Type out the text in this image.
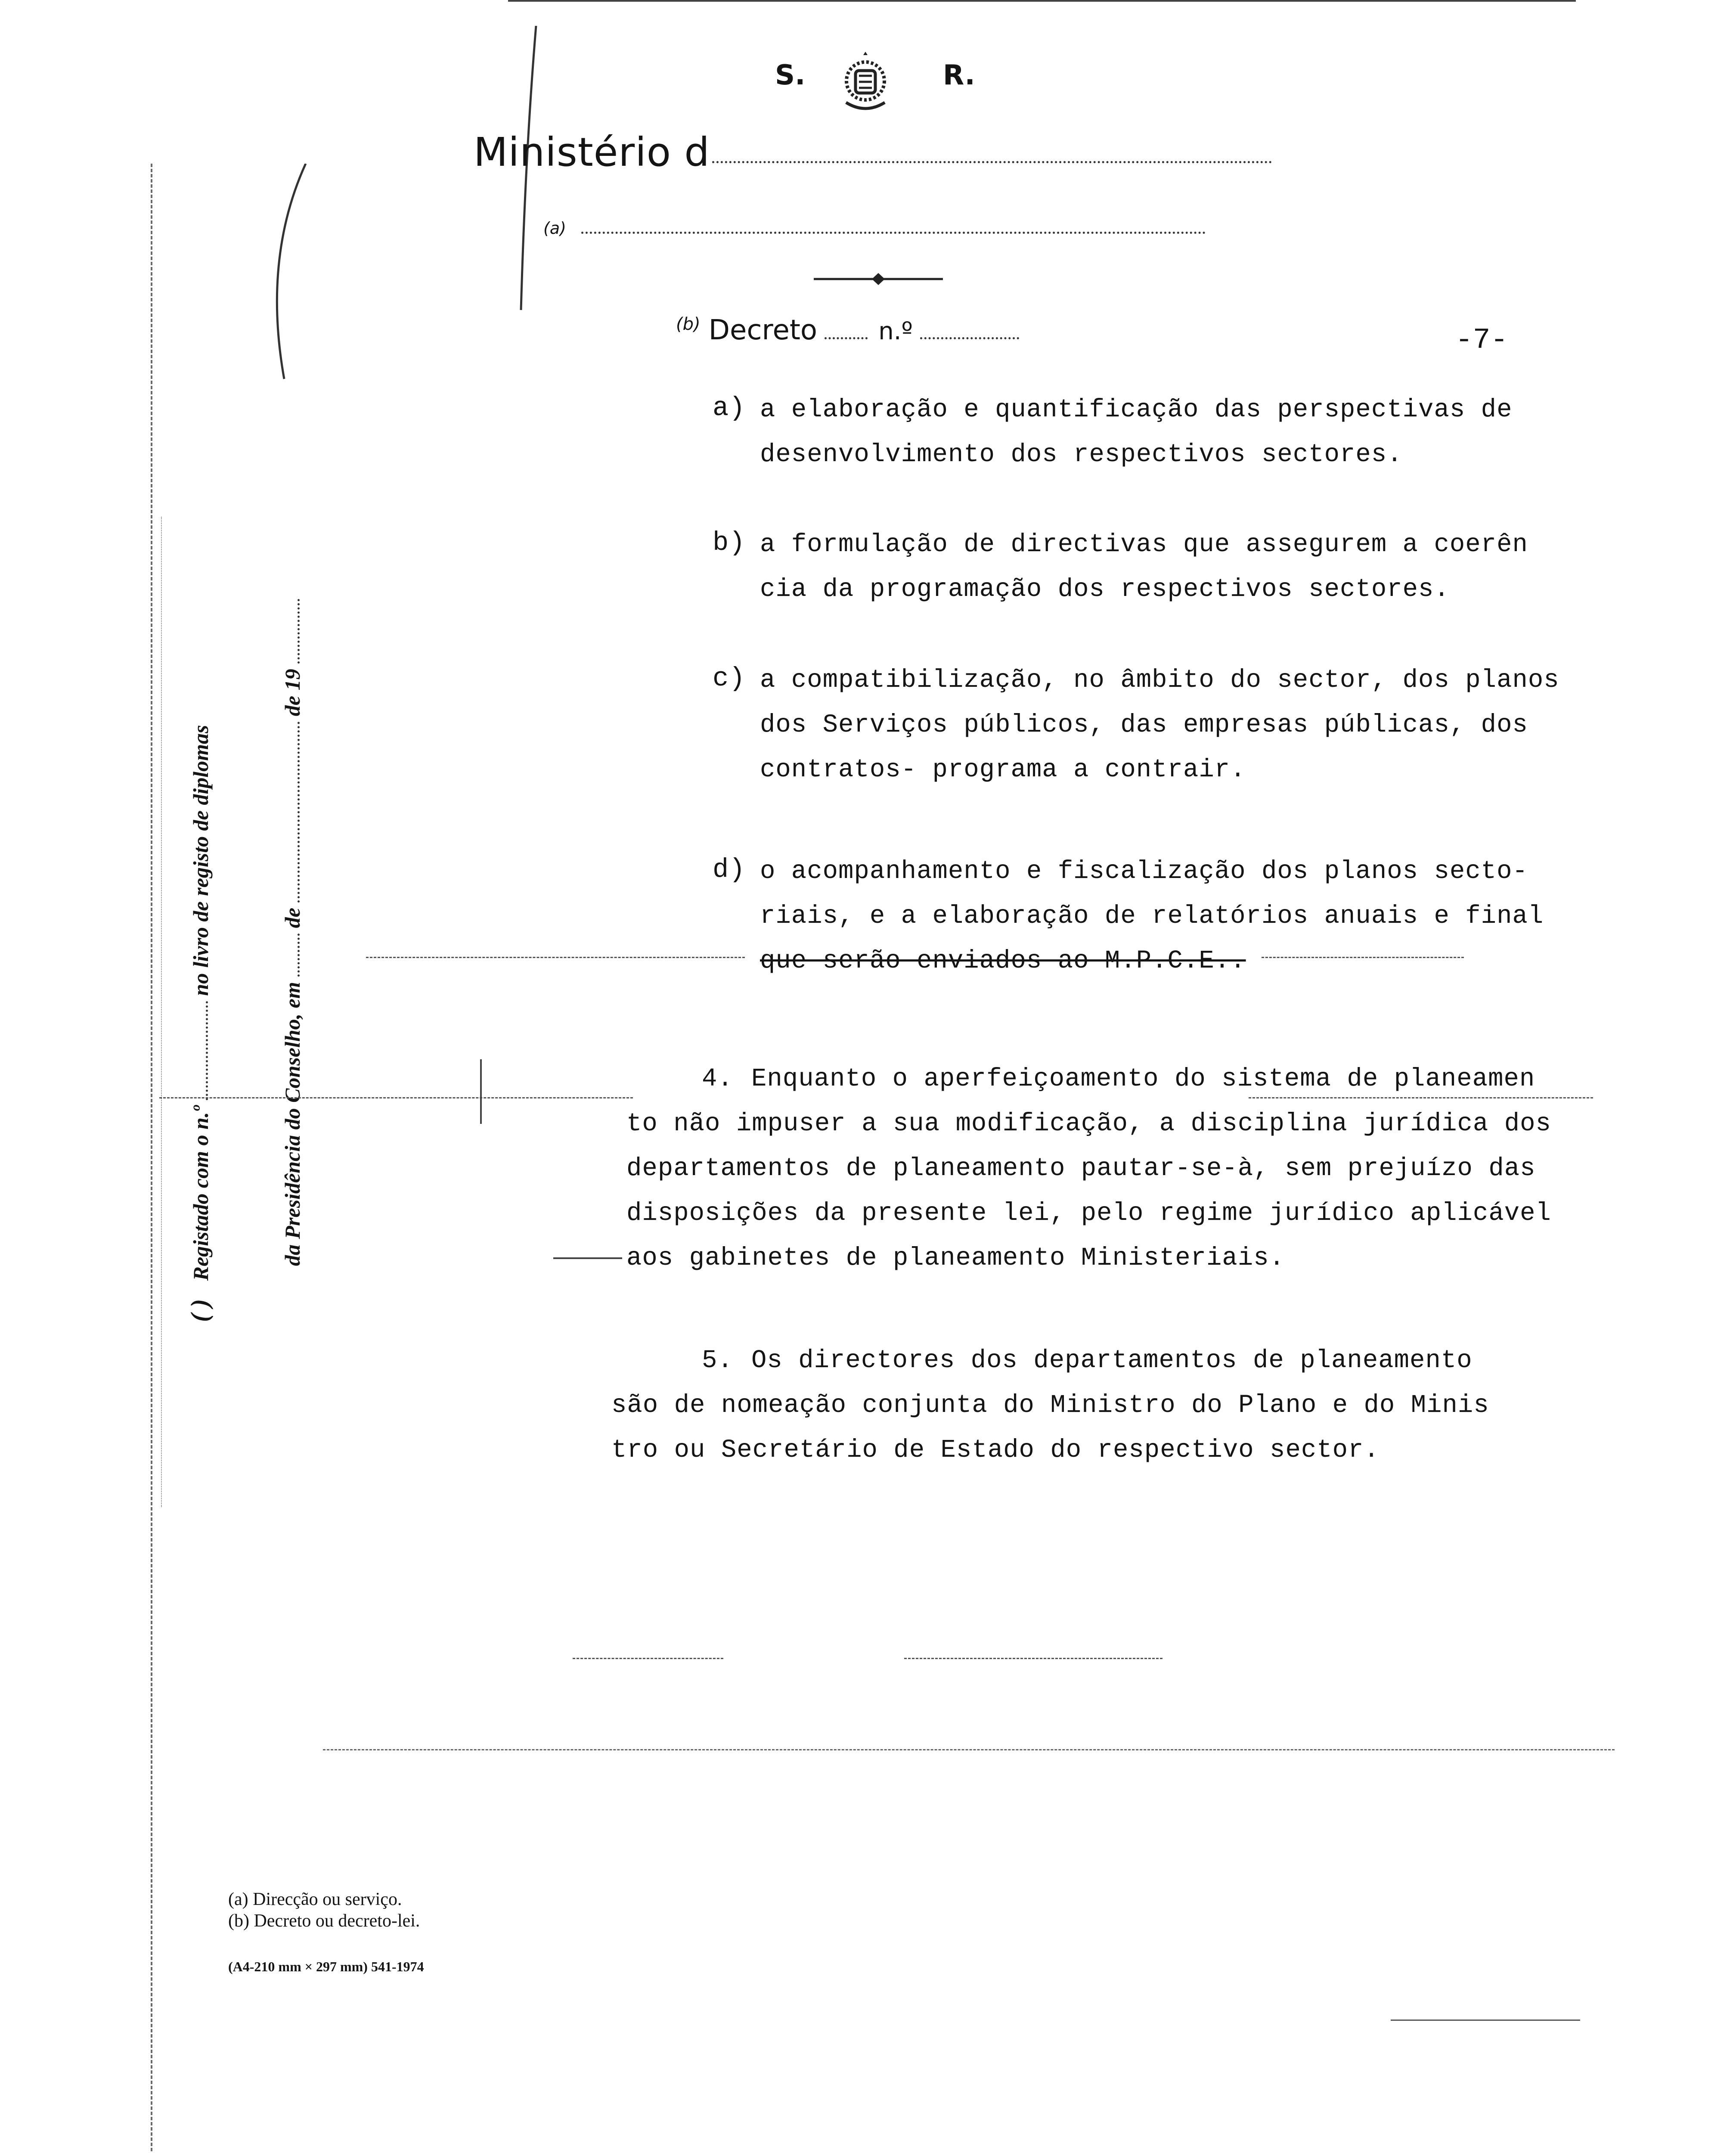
S.	R.
Ministério d
(a)
(b) Decreto	n.º	-7-
( ) Registado com o n.º  no livro de registo de diplomas
da Presidência do Conselho, em  de  de 19
a) a elaboração e quantificação das perspectivas de
desenvolvimento dos respectivos sectores.
b) a formulação de directivas que assegurem a coerên
cia da programação dos respectivos sectores.
c) a compatibilização, no âmbito do sector, dos planos
dos Serviços públicos, das empresas públicas, dos
contratos- programa a contrair.
d) o acompanhamento e fiscalização dos planos secto-
riais, e a elaboração de relatórios anuais e final
que serão enviados ao M.P.C.E..
4. Enquanto o aperfeiçoamento do sistema de planeamen
to não impuser a sua modificação, a disciplina jurídica dos
departamentos de planeamento pautar-se-à, sem prejuízo das
disposições da presente lei, pelo regime jurídico aplicável
aos gabinetes de planeamento Ministeriais.
5. Os directores dos departamentos de planeamento
são de nomeação conjunta do Ministro do Plano e do Minis
tro ou Secretário de Estado do respectivo sector.
(a) Direcção ou serviço.
(b) Decreto ou decreto-lei.
(A4-210 mm × 297 mm) 541-1974
